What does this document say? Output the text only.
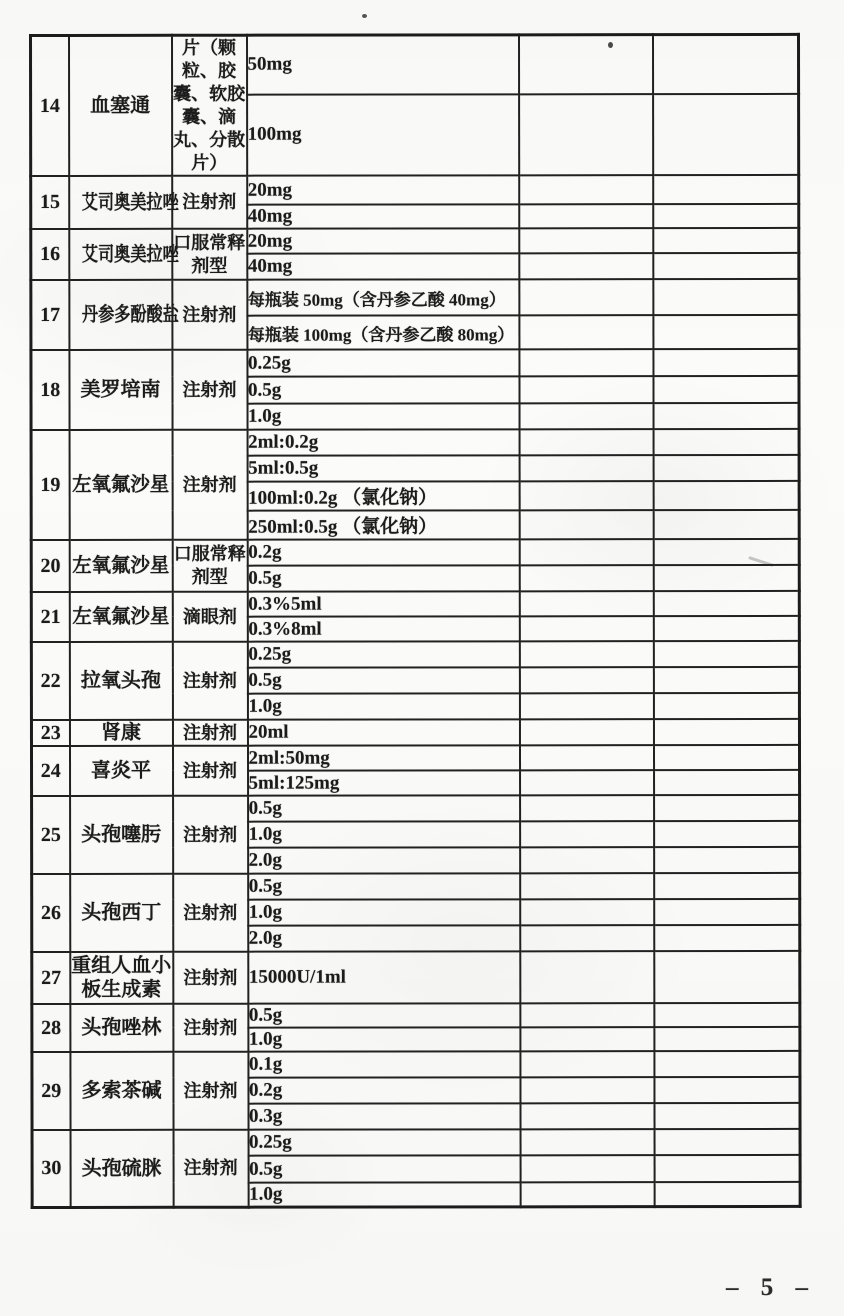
14	血塞通	片（颗粒、胶囊、软胶囊、滴丸、分散片）	50mg		
			100mg		
15	艾司奥美拉唑	注射剂	20mg		
			40mg		
16	艾司奥美拉唑	口服常释剂型	20mg		
			40mg		
17	丹参多酚酸盐	注射剂	每瓶装 50mg（含丹参乙酸 40mg）		
			每瓶装 100mg（含丹参乙酸 80mg）		
18	美罗培南	注射剂	0.25g		
			0.5g		
			1.0g		
19	左氧氟沙星	注射剂	2ml:0.2g		
			5ml:0.5g		
			100ml:0.2g （氯化钠）		
			250ml:0.5g （氯化钠）		
20	左氧氟沙星	口服常释剂型	0.2g		
			0.5g		
21	左氧氟沙星	滴眼剂	0.3%5ml		
			0.3%8ml		
22	拉氧头孢	注射剂	0.25g		
			0.5g		
			1.0g		
23	肾康	注射剂	20ml		
24	喜炎平	注射剂	2ml:50mg		
			5ml:125mg		
25	头孢噻肟	注射剂	0.5g		
			1.0g		
			2.0g		
26	头孢西丁	注射剂	0.5g		
			1.0g		
			2.0g		
27	重组人血小板生成素	注射剂	15000U/1ml		
28	头孢唑林	注射剂	0.5g		
			1.0g		
29	多索茶碱	注射剂	0.1g		
			0.2g		
			0.3g		
30	头孢硫脒	注射剂	0.25g		
			0.5g		
			1.0g		
– 5 –
